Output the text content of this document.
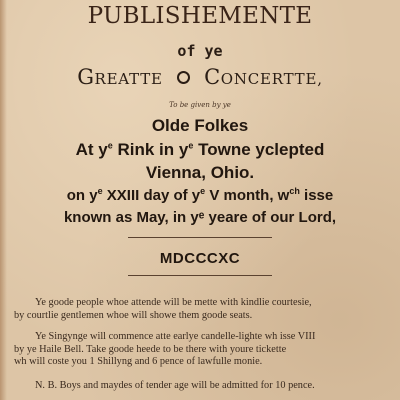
PUBLISHEMENTE
of ye
GREATTE CONCERTTE,
To be given by ye
Olde Folkes
At $y^e$ Rink in $y^e$ Towne yclepted
Vienna, Ohio.
on $y^e$ XXIII day of $y^e$ V month, $w^{ch}$ isse
known as May, in yᵉ yeare of our Lord,
MDCCCXC
Ye goode people whoe attende will be mette with kindlie courtesie,
by courtlie gentlemen whoe will showe them goode seats.
Ye Singynge will commence atte earlye candelle-lighte wh isse VIII
by ye Haile Bell. Take goode heede to be there with youre tickette
wh will coste you 1 Shillyng and 6 pence of lawfulle monie.
N. B. Boys and maydes of tender age will be admitted for 10 pence.
